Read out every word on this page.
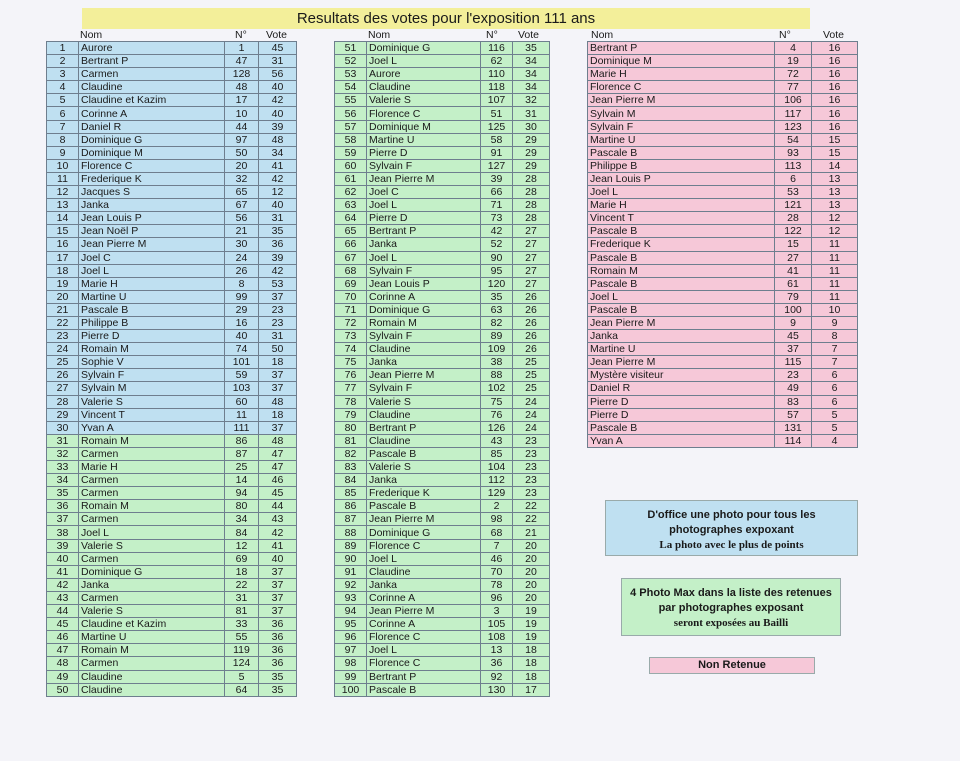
Resultats des votes pour l'exposition 111 ans
Nom	N° Vote	Nom	N° Vote	Nom	N°	Vote
1	Aurore	1	45
2	Bertrant P	47	31
3	Carmen	128	56
4	Claudine	48	40
5	Claudine et Kazim	17	42
6	Corinne A	10	40
7	Daniel R	44	39
8	Dominique G	97	48
9	Dominique M	50	34
10	Florence C	20	41
11	Frederique K	32	42
12	Jacques S	65	12
13	Janka	67	40
14	Jean Louis P	56	31
15	Jean Noël P	21	35
16	Jean Pierre M	30	36
17	Joel C	24	39
18	Joel L	26	42
19	Marie H	8	53
20	Martine U	99	37
21	Pascale B	29	23
22	Philippe B	16	23
23	Pierre D	40	31
24	Romain M	74	50
25	Sophie V	101	18
26	Sylvain F	59	37
27	Sylvain M	103	37
28	Valerie S	60	48
29	Vincent T	11	18
30	Yvan A	111	37
31	Romain M	86	48
32	Carmen	87	47
33	Marie H	25	47
34	Carmen	14	46
35	Carmen	94	45
36	Romain M	80	44
37	Carmen	34	43
38	Joel L	84	42
39	Valerie S	12	41
40	Carmen	69	40
41	Dominique G	18	37
42	Janka	22	37
43	Carmen	31	37
44	Valerie S	81	37
45	Claudine et Kazim	33	36
46	Martine U	55	36
47	Romain M	119	36
48	Carmen	124	36
49	Claudine	5	35
50	Claudine	64	35
51	Dominique G	116	35
52	Joel L	62	34
53	Aurore	110	34
54	Claudine	118	34
55	Valerie S	107	32
56	Florence C	51	31
57	Dominique M	125	30
58	Martine U	58	29
59	Pierre D	91	29
60	Sylvain F	127	29
61	Jean Pierre M	39	28
62	Joel C	66	28
63	Joel L	71	28
64	Pierre D	73	28
65	Bertrant P	42	27
66	Janka	52	27
67	Joel L	90	27
68	Sylvain F	95	27
69	Jean Louis P	120	27
70	Corinne A	35	26
71	Dominique G	63	26
72	Romain M	82	26
73	Sylvain F	89	26
74	Claudine	109	26
75	Janka	38	25
76	Jean Pierre M	88	25
77	Sylvain F	102	25
78	Valerie S	75	24
79	Claudine	76	24
80	Bertrant P	126	24
81	Claudine	43	23
82	Pascale B	85	23
83	Valerie S	104	23
84	Janka	112	23
85	Frederique K	129	23
86	Pascale B	2	22
87	Jean Pierre M	98	22
88	Dominique G	68	21
89	Florence C	7	20
90	Joel L	46	20
91	Claudine	70	20
92	Janka	78	20
93	Corinne A	96	20
94	Jean Pierre M	3	19
95	Corinne A	105	19
96	Florence C	108	19
97	Joel L	13	18
98	Florence C	36	18
99	Bertrant P	92	18
100	Pascale B	130	17
Bertrant P	4	16
Dominique M	19	16
Marie H	72	16
Florence C	77	16
Jean Pierre M	106	16
Sylvain M	117	16
Sylvain F	123	16
Martine U	54	15
Pascale B	93	15
Philippe B	113	14
Jean Louis P	6	13
Joel L	53	13
Marie H	121	13
Vincent T	28	12
Pascale B	122	12
Frederique K	15	11
Pascale B	27	11
Romain M	41	11
Pascale B	61	11
Joel L	79	11
Pascale B	100	10
Jean Pierre M	9	9
Janka	45	8
Martine U	37	7
Jean Pierre M	115	7
Mystère visiteur	23	6
Daniel R	49	6
Pierre D	83	6
Pierre D	57	5
Pascale B	131	5
Yvan A	114	4
D'office une photo pour tous les
photographes expoxant
La photo avec le plus de points
4 Photo Max dans la liste des retenues
par photographes exposant
seront exposées au Bailli
Non Retenue
